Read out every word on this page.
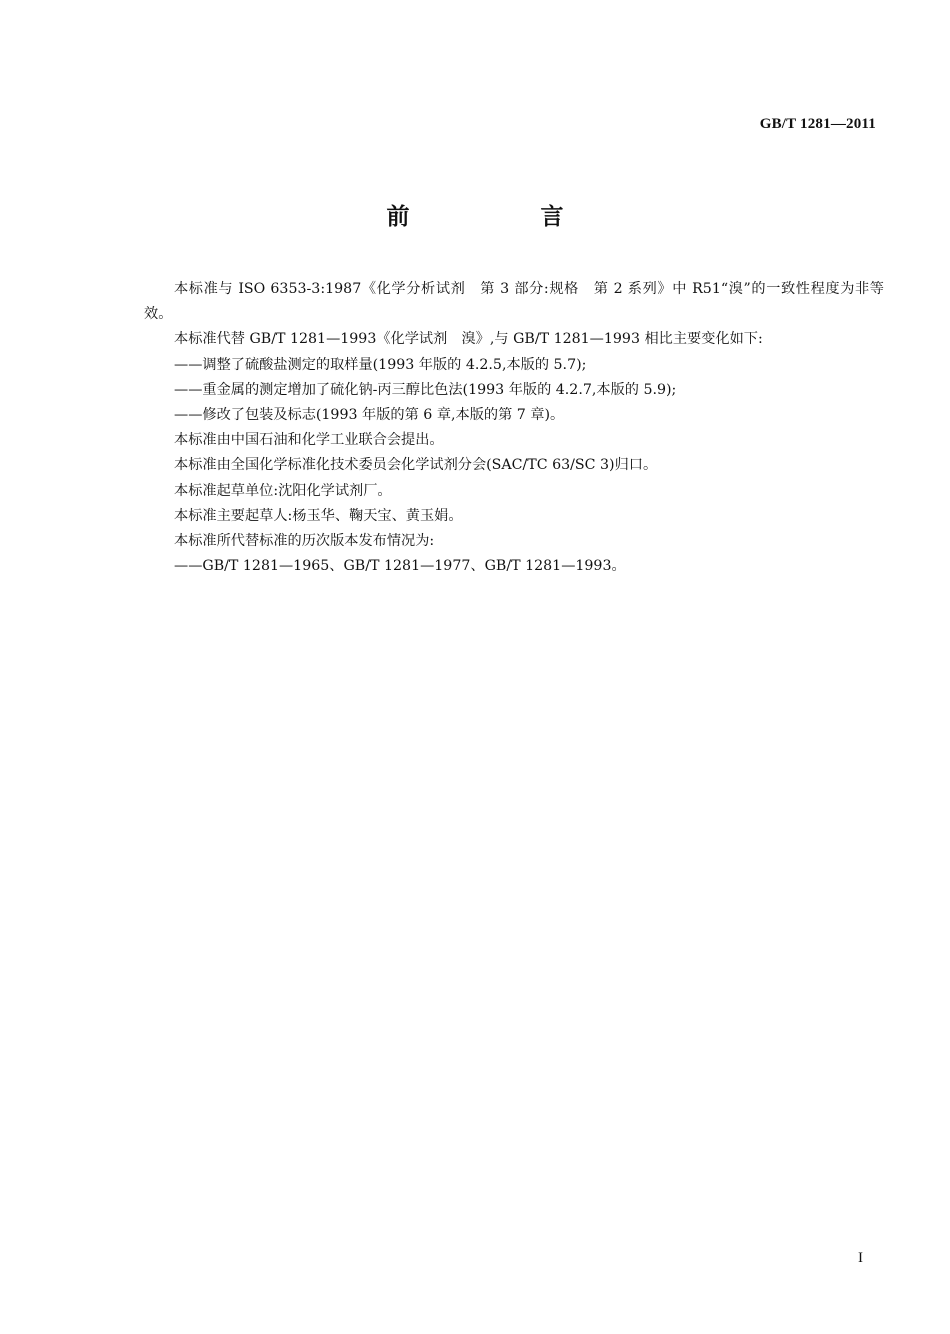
GB/T 1281—2011
前　言

本标准与 ISO 6353-3:1987《化学分析试剂　第 3 部分:规格　第 2 系列》中 R51“溴”的一致性程度为非等效。

本标准代替 GB/T 1281—1993《化学试剂　溴》,与 GB/T 1281—1993 相比主要变化如下:

——调整了硫酸盐测定的取样量(1993 年版的 4.2.5,本版的 5.7);

——重金属的测定增加了硫化钠-丙三醇比色法(1993 年版的 4.2.7,本版的 5.9);

——修改了包装及标志(1993 年版的第 6 章,本版的第 7 章)。

本标准由中国石油和化学工业联合会提出。

本标准由全国化学标准化技术委员会化学试剂分会(SAC/TC 63/SC 3)归口。

本标准起草单位:沈阳化学试剂厂。

本标准主要起草人:杨玉华、鞠天宝、黄玉娟。

本标准所代替标准的历次版本发布情况为:

——GB/T 1281—1965、GB/T 1281—1977、GB/T 1281—1993。

I
